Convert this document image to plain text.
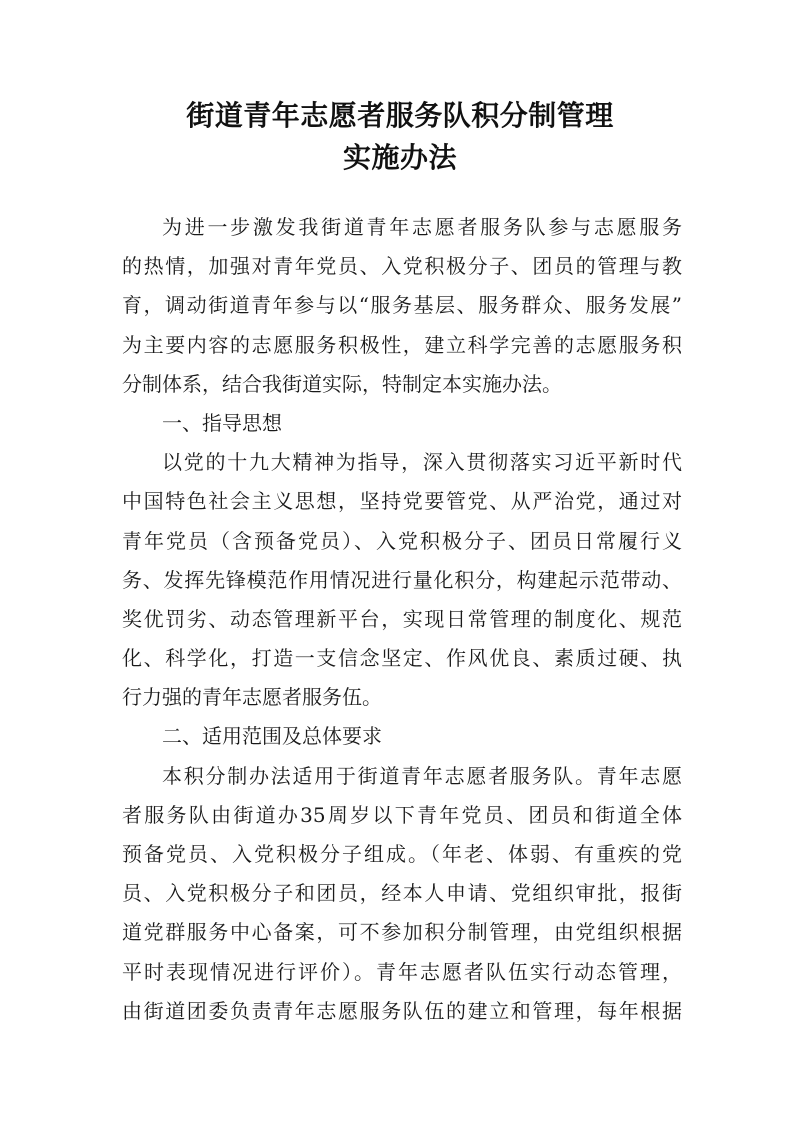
街道青年志愿者服务队积分制管理
实施办法
为进一步激发我街道青年志愿者服务队参与志愿服务
的热情，加强对青年党员、入党积极分子、团员的管理与教
育，调动街道青年参与以“服务基层、服务群众、服务发展”
为主要内容的志愿服务积极性，建立科学完善的志愿服务积
分制体系，结合我街道实际，特制定本实施办法。
一、指导思想
以党的十九大精神为指导，深入贯彻落实习近平新时代
中国特色社会主义思想，坚持党要管党、从严治党，通过对
青年党员（含预备党员）、入党积极分子、团员日常履行义
务、发挥先锋模范作用情况进行量化积分，构建起示范带动、
奖优罚劣、动态管理新平台，实现日常管理的制度化、规范
化、科学化，打造一支信念坚定、作风优良、素质过硬、执
行力强的青年志愿者服务伍。
二、适用范围及总体要求
本积分制办法适用于街道青年志愿者服务队。青年志愿
者服务队由街道办35周岁以下青年党员、团员和街道全体
预备党员、入党积极分子组成。（年老、体弱、有重疾的党
员、入党积极分子和团员，经本人申请、党组织审批，报街
道党群服务中心备案，可不参加积分制管理，由党组织根据
平时表现情况进行评价）。青年志愿者队伍实行动态管理，
由街道团委负责青年志愿服务队伍的建立和管理，每年根据
